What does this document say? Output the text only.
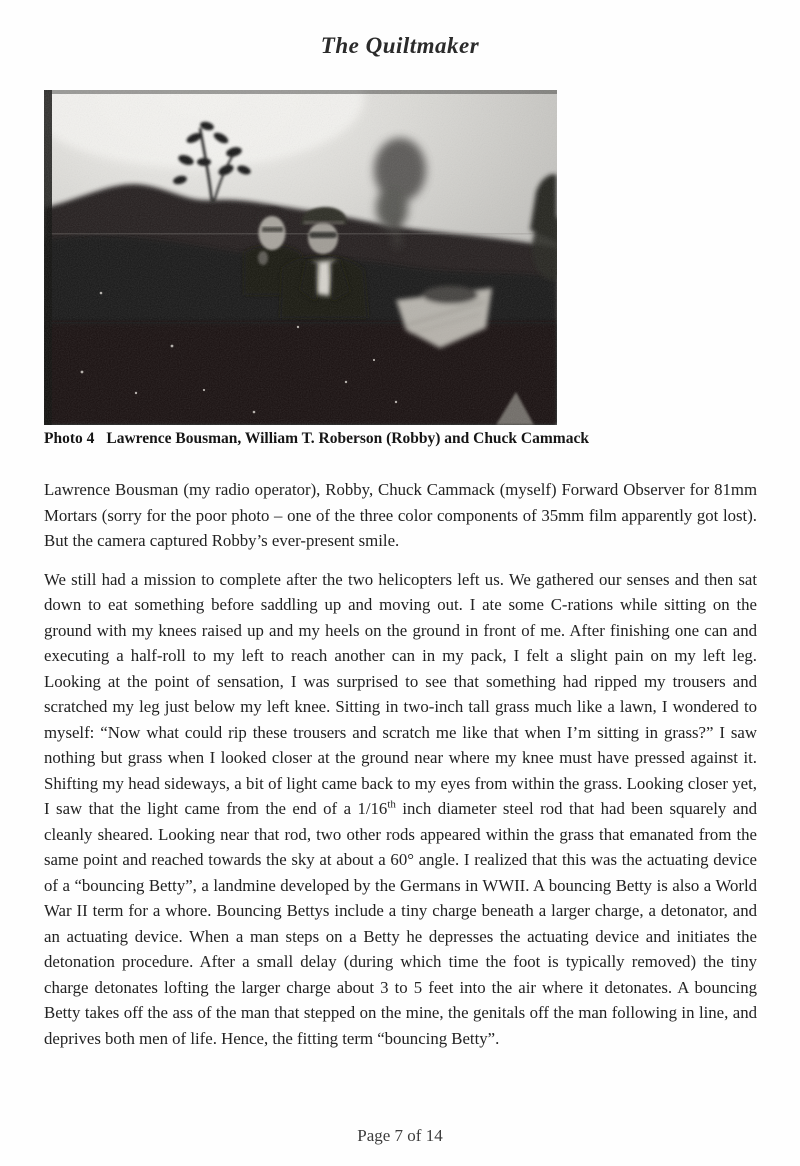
The Quiltmaker
Photo 4 Lawrence Bousman, William T. Roberson (Robby) and Chuck Cammack

Lawrence Bousman (my radio operator), Robby, Chuck Cammack (myself) Forward Observer for 81mm Mortars (sorry for the poor photo – one of the three color components of 35mm film apparently got lost). But the camera captured Robby’s ever-present smile.

We still had a mission to complete after the two helicopters left us. We gathered our senses and then sat down to eat something before saddling up and moving out. I ate some C-rations while sitting on the ground with my knees raised up and my heels on the ground in front of me. After finishing one can and executing a half-roll to my left to reach another can in my pack, I felt a slight pain on my left leg. Looking at the point of sensation, I was surprised to see that something had ripped my trousers and scratched my leg just below my left knee. Sitting in two-inch tall grass much like a lawn, I wondered to myself: “Now what could rip these trousers and scratch me like that when I’m sitting in grass?” I saw nothing but grass when I looked closer at the ground near where my knee must have pressed against it. Shifting my head sideways, a bit of light came back to my eyes from within the grass. Looking closer yet, I saw that the light came from the end of a 1/16th inch diameter steel rod that had been squarely and cleanly sheared. Looking near that rod, two other rods appeared within the grass that emanated from the same point and reached towards the sky at about a 60° angle. I realized that this was the actuating device of a “bouncing Betty”, a landmine developed by the Germans in WWII. A bouncing Betty is also a World War II term for a whore. Bouncing Bettys include a tiny charge beneath a larger charge, a detonator, and an actuating device. When a man steps on a Betty he depresses the actuating device and initiates the detonation procedure. After a small delay (during which time the foot is typically removed) the tiny charge detonates lofting the larger charge about 3 to 5 feet into the air where it detonates. A bouncing Betty takes off the ass of the man that stepped on the mine, the genitals off the man following in line, and deprives both men of life. Hence, the fitting term “bouncing Betty”.

Page 7 of 14
